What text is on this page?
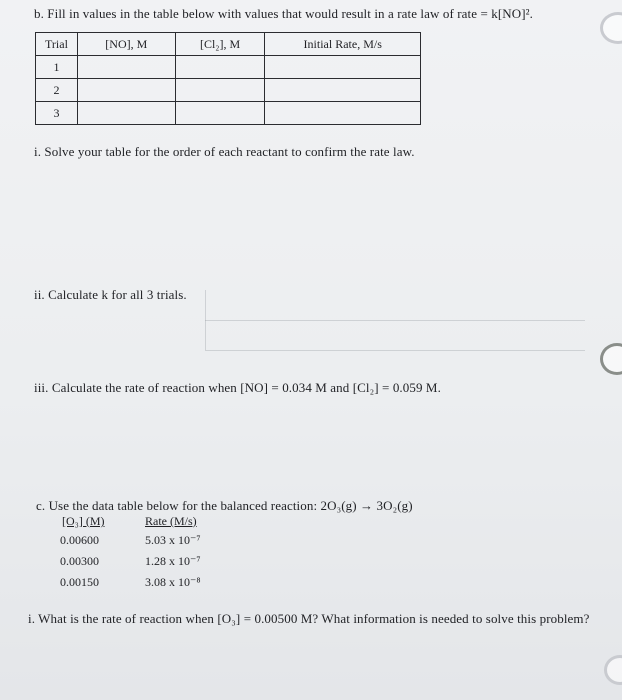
b. Fill in values in the table below with values that would result in a rate law of rate = k[NO]².
Trial	[NO], M	[Cl₂], M	Initial Rate, M/s
1			
2			
3			
i. Solve your table for the order of each reactant to confirm the rate law.
ii. Calculate k for all 3 trials.
iii. Calculate the rate of reaction when [NO] = 0.034 M and [Cl₂] = 0.059 M.
c. Use the data table below for the balanced reaction: 2O₃(g) → 3O₂(g)
[O₃] (M)	Rate (M/s)
0.00600	5.03 x 10⁻⁷
0.00300	1.28 x 10⁻⁷
0.00150	3.08 x 10⁻⁸
i. What is the rate of reaction when [O₃] = 0.00500 M? What information is needed to solve this problem?
